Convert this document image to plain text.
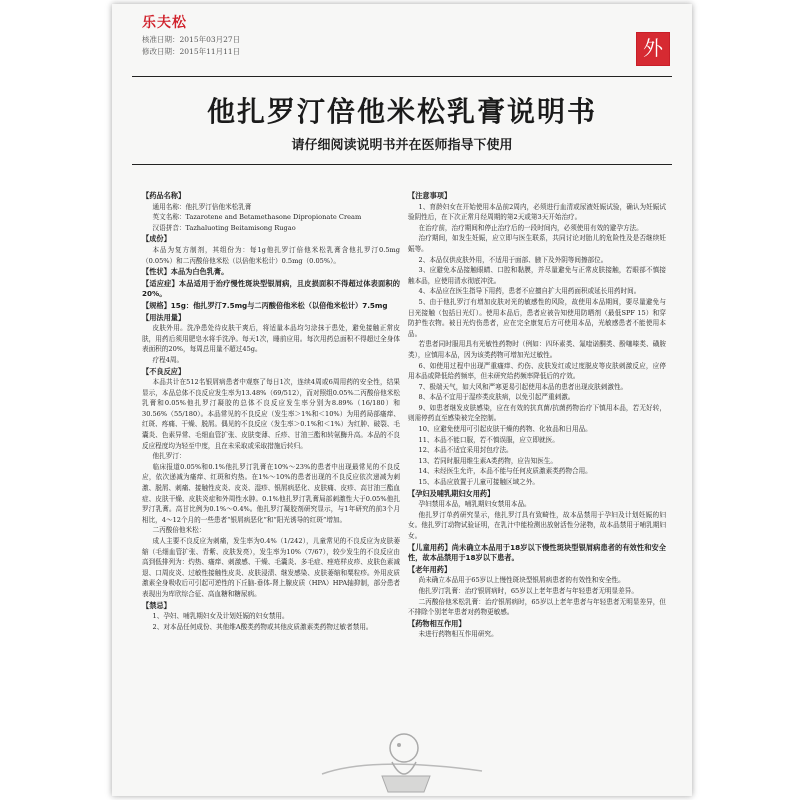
乐夫松
核准日期：2015年03月27日
修改日期：2015年11月11日	外
他扎罗汀倍他米松乳膏说明书
请仔细阅读说明书并在医师指导下使用
【药品名称】
通用名称：他扎罗汀倍他米松乳膏
英文名称：Tazarotene and Betamethasone Dipropionate Cream
汉语拼音：Tazhaluoting Beitamisong Rugao
【成份】
本品为复方制剂，其组份为：每1g他扎罗汀倍他米松乳膏含他扎罗汀0.5mg（0.05%）和二丙酸倍他米松（以倍他米松计）0.5mg（0.05%）。
【性状】本品为白色乳膏。
【适应症】本品适用于治疗慢性斑块型银屑病，且皮损面积不得超过体表面积的20%。
【规格】15g：他扎罗汀7.5mg与二丙酸倍他米松（以倍他米松计）7.5mg
【用法用量】
皮肤外用。洗净患处待皮肤干爽后，将适量本品均匀涂抹于患处，避免接触正常皮肤，用药后须用肥皂水将手洗净。每天1次，睡前应用。每次用药总面积不得超过全身体表面积的20%，每周总用量不超过45g。
疗程4周。
【不良反应】
本品共计在512名银屑病患者中观察了每日1次，连续4周或6周用药的安全性，结果显示，本品总体不良反应发生率为13.48%（69/512），而对照组0.05%二丙酸倍他米松乳膏和0.05%他扎罗汀凝胶的总体不良反应发生率分别为8.89%（16/180）和30.56%（55/180）。本品常见的不良反应（发生率＞1%和＜10%）为用药局部瘙痒、红斑、疼痛、干燥、脱屑。偶见的不良反应（发生率＞0.1%和＜1%）为红肿、破裂、毛囊炎、色素异常、毛细血管扩张、皮肤变薄、丘疹、甘油三酯和转氨酶升高。本品的不良反应程度均为轻至中度，且在未采取或采取措施后转归。
他扎罗汀：
临床报道0.05%和0.1%他扎罗汀乳膏在10%～23%的患者中出现最常见的不良反应，依次递减为瘙痒、红斑和灼热。在1%～10%的患者出现的不良反应依次递减为刺激、脱屑、刺痛、接触性皮炎、皮炎、湿疹、银屑病恶化、皮肤痛、皮疹、高甘油三酯血症、皮肤干燥、皮肤炎症和外周性水肿。0.1%他扎罗汀乳膏局部刺激性大于0.05%他扎罗汀乳膏。高甘比例为0.1%～0.4%。他扎罗汀凝胶剂研究显示，与1年研究的前3个月相比，4～12个月的一些患者“银屑病恶化”和“阳光诱导的红斑”增加。
二丙酸倍他米松：
成人主要不良反应为刺痛，发生率为0.4%（1/242），儿童常见的不良反应为皮肤萎缩（毛细血管扩张、青紫、皮肤发亮），发生率为10%（7/67），较少发生的不良反应由高到低排列为：灼热、瘙痒、刺激感、干燥、毛囊炎、多毛症、痤疮样皮疹、皮肤色素减退、口周皮炎、过敏性接触性皮炎、皮肤浸渍、继发感染、皮肤萎缩和粟粒疹。外用皮质激素全身吸收后可引起可逆性的下丘脑-垂体-肾上腺皮质（HPA）HPA轴抑制，部分患者表现出为库欣综合征、高血糖和糖尿病。
【禁忌】
1、孕妇、哺乳期妇女及计划妊娠的妇女禁用。
2、对本品任何成份、其他维A酸类药物或其他皮质激素类药物过敏者禁用。
【注意事项】
1、育龄妇女在开始使用本品前2周内，必须进行血清或尿液妊娠试验，确认为妊娠试验阴性后，在下次正常月经周期的第2天或第3天开始治疗。
在治疗前，治疗期间和停止治疗后的一段时间内，必须使用有效的避孕方法。
治疗期间，如发生妊娠，应立即与医生联系，共同讨论对胎儿的危险性及是否继续妊娠等。
2、本品仅供皮肤外用，不适用于面部、腋下及外阴等间擦部位。
3、应避免本品接触眼睛、口腔和黏膜，并尽量避免与正常皮肤接触，若眼部不慎接触本品，应使用清水彻底冲洗。
4、本品应在医生指导下用药，患者不应擅自扩大用药面积或延长用药时间。
5、由于他扎罗汀有增加皮肤对光的敏感性的风险，故使用本品期间，要尽量避免与日光接触（包括日光灯）。使用本品后，患者应被告知使用防晒剂（最低SPF 15）和穿防护性衣物。被日光灼伤患者，应在完全康复后方可使用本品，光敏感患者不能使用本品。
若患者同时服用具有光敏性药物时（例如：四环素类、氟喹诺酮类、酚噻嗪类、磺胺类），应慎用本品，因为该类药物可增加光过敏性。
6、如使用过程中出现严重瘙痒、灼伤、皮肤发红或过度脱皮等皮肤刺激反应，应停用本品或降低给药频率，但未研究给药频率降低后的疗效。
7、极端天气，如大风和严寒更易引起使用本品的患者出现皮肤刺激性。
8、本品不宜用于湿疹类皮肤病，以免引起严重刺激。
9、如患者继发皮肤感染，应在有效的抗真菌/抗菌药物治疗下慎用本品，若无好转，则需停药直至感染被完全控制。
10、应避免使用可引起皮肤干燥的药物、化妆品和日用品。
11、本品不能口服，若不慎误服，应立即就医。
12、本品不适宜采用封包疗法。
13、若同时服用维生素A类药物，应告知医生。
14、未经医生允许，本品不能与任何皮质激素类药物合用。
15、本品应放置于儿童可接触区域之外。
【孕妇及哺乳期妇女用药】
孕妇禁用本品，哺乳期妇女禁用本品。
他扎罗汀单药研究显示，他扎罗汀具有致畸性，故本品禁用于孕妇及计划妊娠的妇女。他扎罗汀动物试验证明，在乳汁中能检测出放射活性分泌物，故本品禁用于哺乳期妇女。
【儿童用药】尚未确立本品用于18岁以下慢性斑块型银屑病患者的有效性和安全性，故本品禁用于18岁以下患者。
【老年用药】
尚未确立本品用于65岁以上慢性斑块型银屑病患者的有效性和安全性。
他扎罗汀乳膏：治疗银屑病时，65岁以上老年患者与年轻患者无明显差异。
二丙酸倍他米松乳膏：治疗银屑病时，65岁以上老年患者与年轻患者无明显差异，但不排除个别老年患者对药物更敏感。
【药物相互作用】
未进行药物相互作用研究。
